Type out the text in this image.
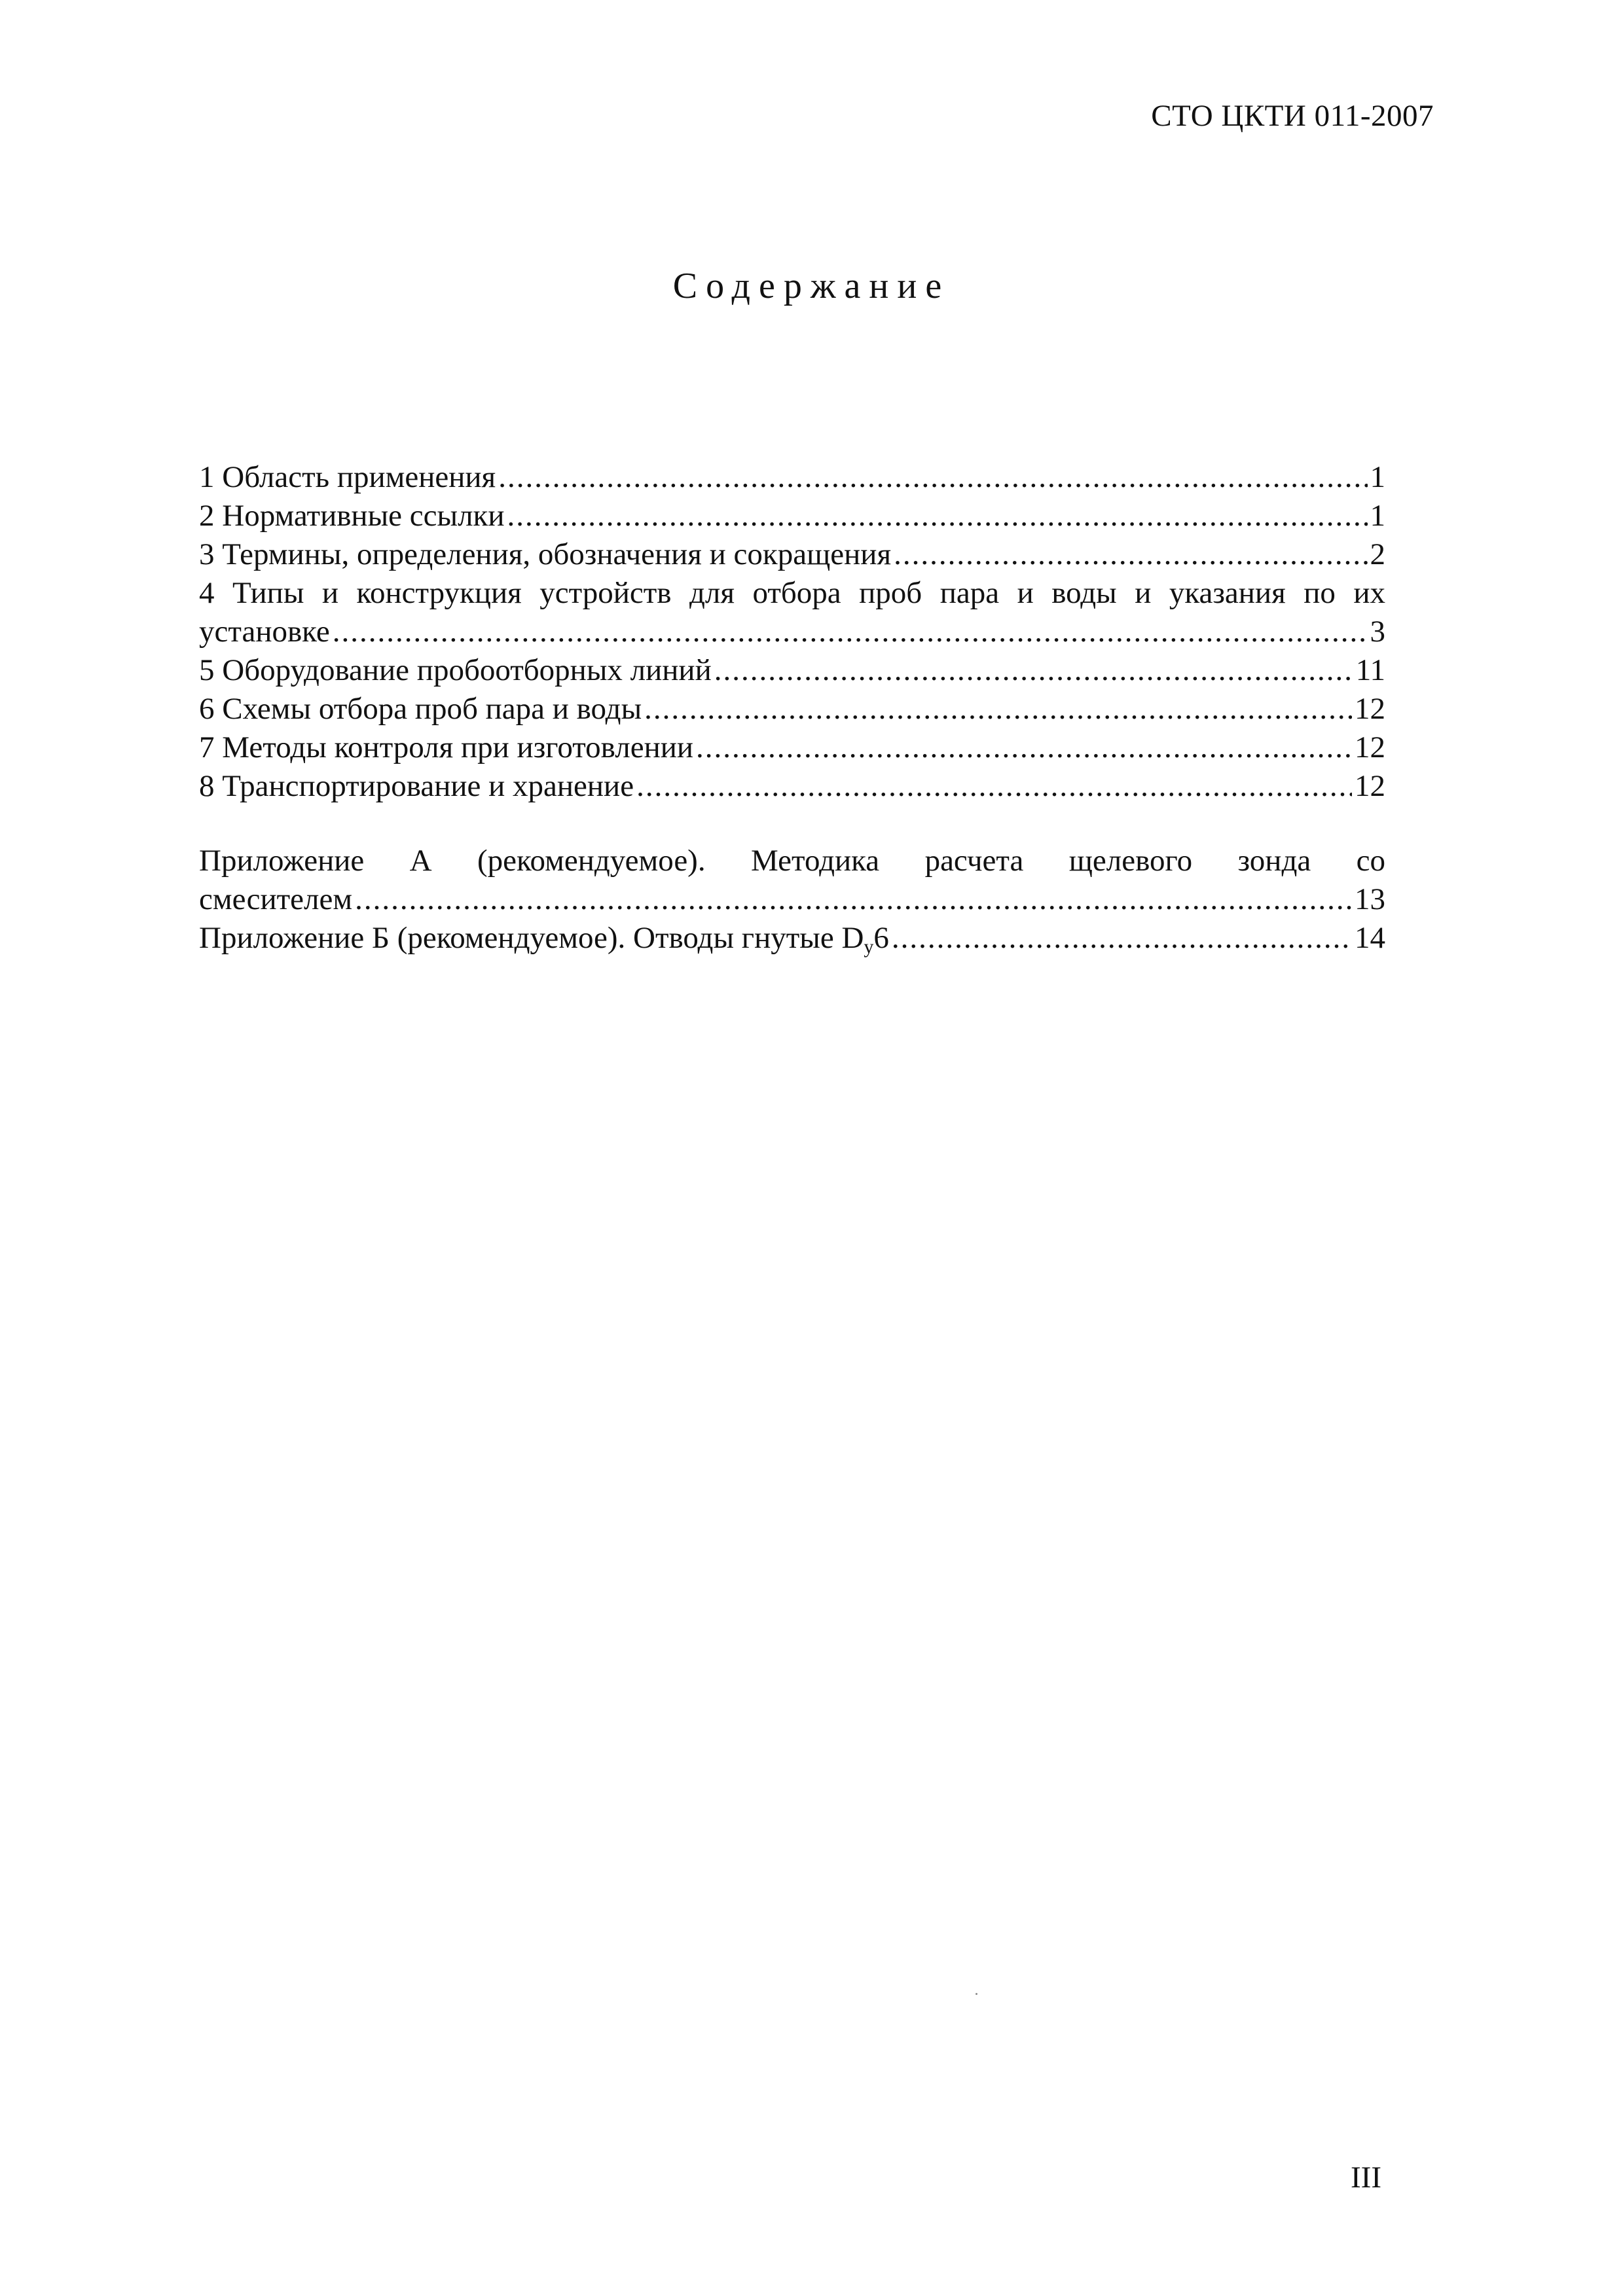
СТО ЦКТИ 011-2007
Содержание
1 Область применения .....	1
2 Нормативные ссылки .....	1
3 Термины, определения, обозначения и сокращения .....	2
4 Типы и конструкция устройств для отбора проб пара и воды и указания по их
установке .....	3
5 Оборудование пробоотборных линий .....	11
6 Схемы отбора проб пара и воды .....	12
7 Методы контроля при изготовлении .....	12
8 Транспортирование и хранение .....	12
Приложение А (рекомендуемое). Методика расчета щелевого зонда со
смесителем .....	13
Приложение Б (рекомендуемое). Отводы гнутые $D_у6$ .....	14
III
